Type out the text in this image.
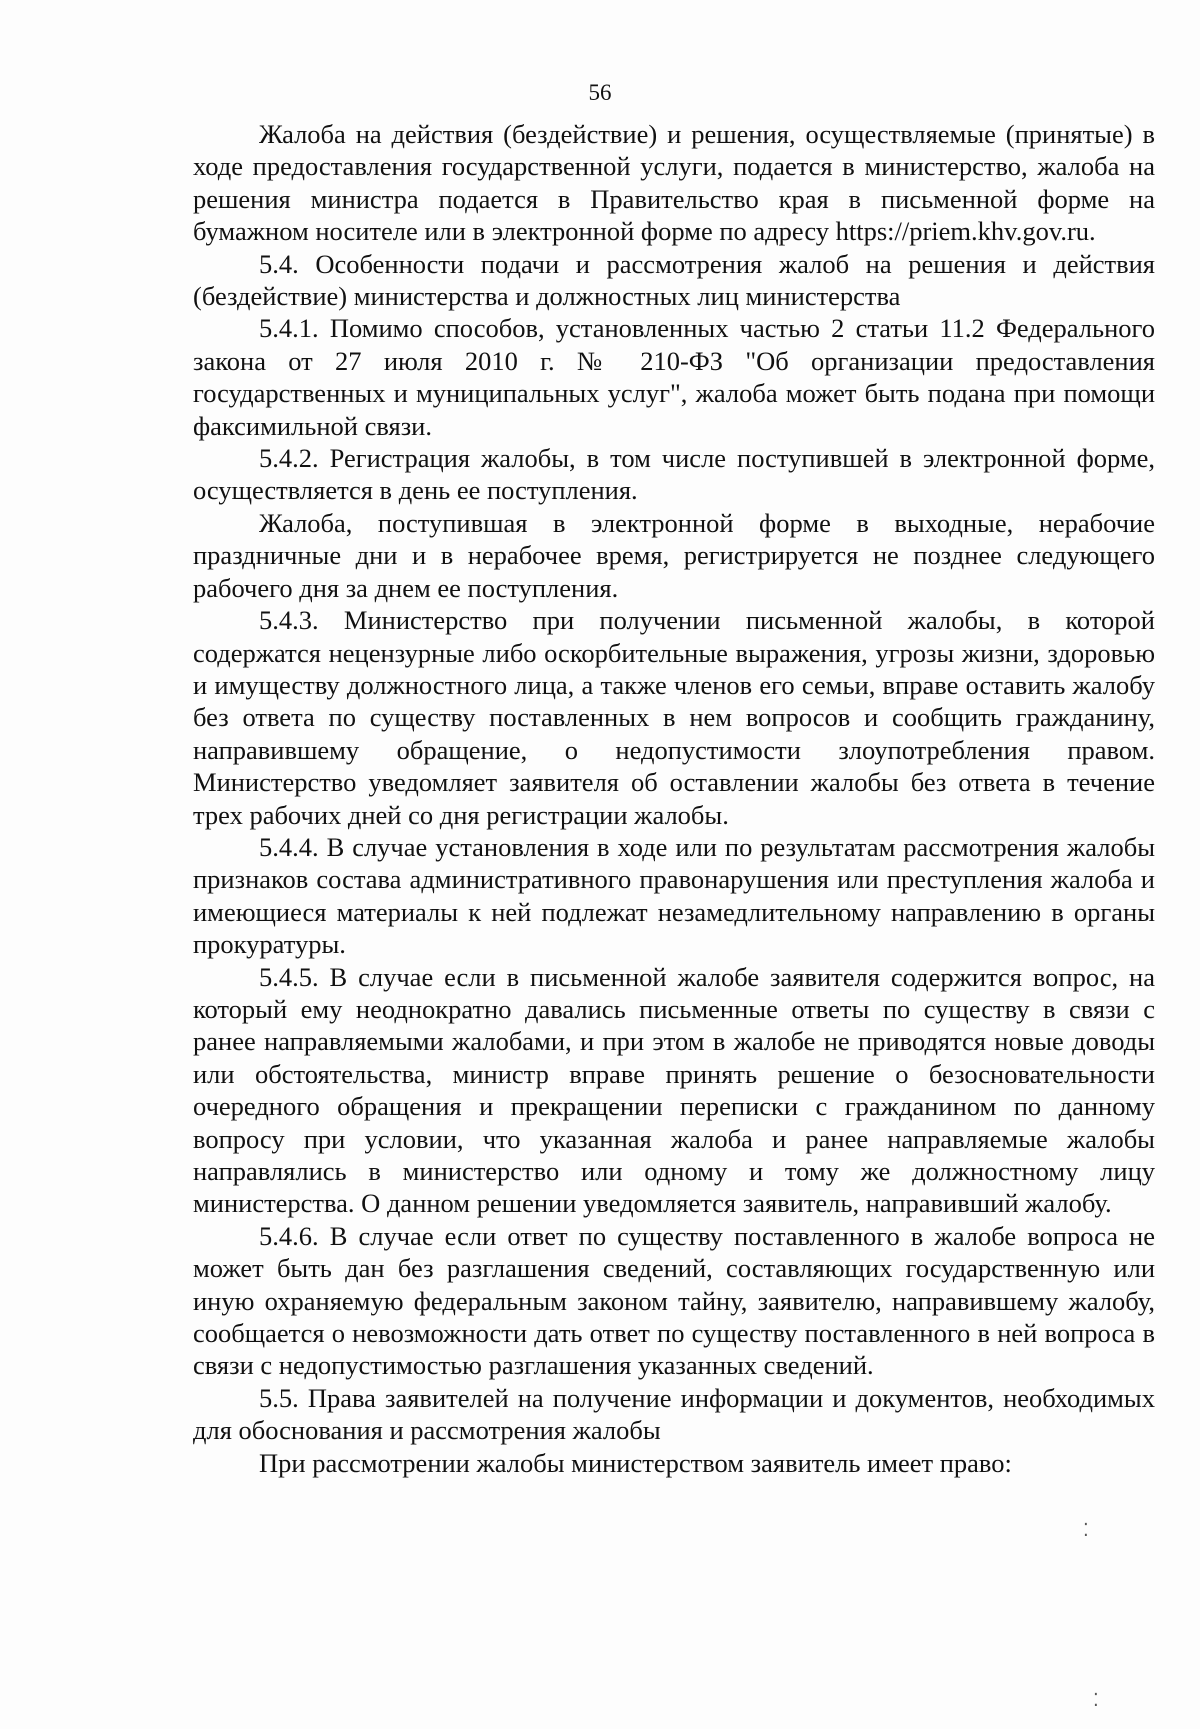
56

Жалоба на действия (бездействие) и решения, осуществляемые (принятые) в ходе предоставления государственной услуги, подается в министерство, жалоба на решения министра подается в Правительство края в письменной форме на бумажном носителе или в электронной форме по адресу https://priem.khv.gov.ru.

5.4. Особенности подачи и рассмотрения жалоб на решения и действия (бездействие) министерства и должностных лиц министерства

5.4.1. Помимо способов, установленных частью 2 статьи 11.2 Федерального закона от 27 июля 2010 г. № 210-ФЗ "Об организации предоставления государственных и муниципальных услуг", жалоба может быть подана при помощи факсимильной связи.

5.4.2. Регистрация жалобы, в том числе поступившей в электронной форме, осуществляется в день ее поступления.

Жалоба, поступившая в электронной форме в выходные, нерабочие праздничные дни и в нерабочее время, регистрируется не позднее следующего рабочего дня за днем ее поступления.

5.4.3. Министерство при получении письменной жалобы, в которой содержатся нецензурные либо оскорбительные выражения, угрозы жизни, здоровью и имуществу должностного лица, а также членов его семьи, вправе оставить жалобу без ответа по существу поставленных в нем вопросов и сообщить гражданину, направившему обращение, о недопустимости злоупотребления правом. Министерство уведомляет заявителя об оставлении жалобы без ответа в течение трех рабочих дней со дня регистрации жалобы.

5.4.4. В случае установления в ходе или по результатам рассмотрения жалобы признаков состава административного правонарушения или преступления жалоба и имеющиеся материалы к ней подлежат незамедлительному направлению в органы прокуратуры.

5.4.5. В случае если в письменной жалобе заявителя содержится вопрос, на который ему неоднократно давались письменные ответы по существу в связи с ранее направляемыми жалобами, и при этом в жалобе не приводятся новые доводы или обстоятельства, министр вправе принять решение о безосновательности очередного обращения и прекращении переписки с гражданином по данному вопросу при условии, что указанная жалоба и ранее направляемые жалобы направлялись в министерство или одному и тому же должностному лицу министерства. О данном решении уведомляется заявитель, направивший жалобу.

5.4.6. В случае если ответ по существу поставленного в жалобе вопроса не может быть дан без разглашения сведений, составляющих государственную или иную охраняемую федеральным законом тайну, заявителю, направившему жалобу, сообщается о невозможности дать ответ по существу поставленного в ней вопроса в связи с недопустимостью разглашения указанных сведений.

5.5. Права заявителей на получение информации и документов, необходимых для обоснования и рассмотрения жалобы

При рассмотрении жалобы министерством заявитель имеет право:

⁚
⁚
